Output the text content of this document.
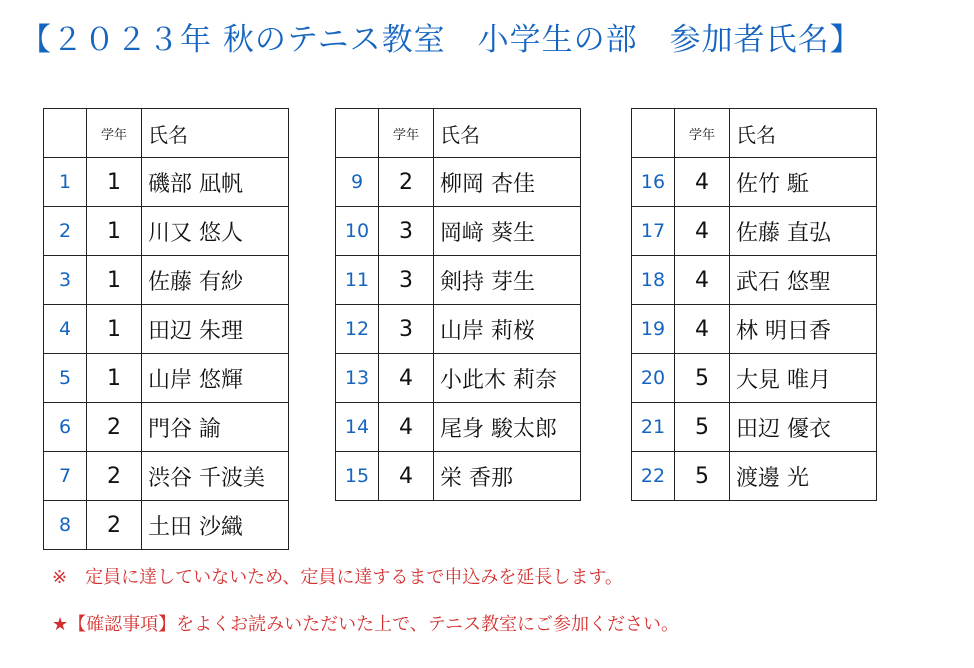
【２０２３年 秋のテニス教室　小学生の部　参加者氏名】
	学年	氏名
1	1	磯部 凪帆
2	1	川又 悠人
3	1	佐藤 有紗
4	1	田辺 朱理
5	1	山岸 悠輝
6	2	門谷 諭
7	2	渋谷 千波美
8	2	土田 沙織
	学年	氏名
9	2	柳岡 杏佳
10	3	岡﨑 葵生
11	3	剣持 芽生
12	3	山岸 莉桜
13	4	小此木 莉奈
14	4	尾身 駿太郎
15	4	栄 香那
	学年	氏名
16	4	佐竹 駈
17	4	佐藤 直弘
18	4	武石 悠聖
19	4	林 明日香
20	5	大見 唯月
21	5	田辺 優衣
22	5	渡邊 光
※　定員に達していないため、定員に達するまで申込みを延長します。
★【確認事項】をよくお読みいただいた上で、テニス教室にご参加ください。
